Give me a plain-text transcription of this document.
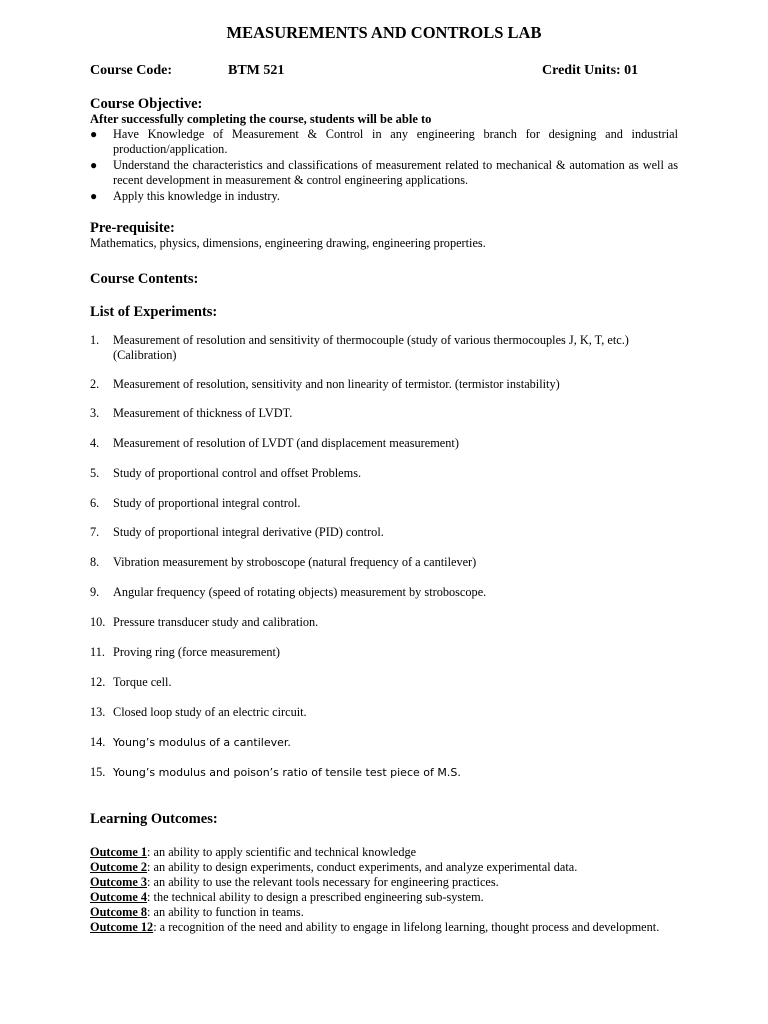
MEASUREMENTS AND CONTROLS LAB
Course Code:	BTM 521	Credit Units: 01
Course Objective:
After successfully completing the course, students will be able to
● Have Knowledge of Measurement & Control in any engineering branch for designing and industrial production/application.
● Understand the characteristics and classifications of measurement related to mechanical & automation as well as recent development in measurement & control engineering applications.
● Apply this knowledge in industry.
Pre-requisite:
Mathematics, physics, dimensions, engineering drawing, engineering properties.
Course Contents:
List of Experiments:
1.	Measurement of resolution and sensitivity of thermocouple (study of various thermocouples J, K, T, etc.) (Calibration)
2.	Measurement of resolution, sensitivity and non linearity of termistor. (termistor instability)
3.	Measurement of thickness of LVDT.
4.	Measurement of resolution of LVDT (and displacement measurement)
5.	Study of proportional control and offset Problems.
6.	Study of proportional integral control.
7.	Study of proportional integral derivative (PID) control.
8.	Vibration measurement by stroboscope (natural frequency of a cantilever)
9.	Angular frequency (speed of rotating objects) measurement by stroboscope.
10. Pressure transducer study and calibration.
11. Proving ring (force measurement)
12. Torque cell.
13. Closed loop study of an electric circuit.
14. Young’s modulus of a cantilever.
15. Young’s modulus and poison’s ratio of tensile test piece of M.S.
Learning Outcomes:
Outcome 1: an ability to apply scientific and technical knowledge
Outcome 2: an ability to design experiments, conduct experiments, and analyze experimental data.
Outcome 3: an ability to use the relevant tools necessary for engineering practices.
Outcome 4: the technical ability to design a prescribed engineering sub-system.
Outcome 8: an ability to function in teams.
Outcome 12: a recognition of the need and ability to engage in lifelong learning, thought process and development.
